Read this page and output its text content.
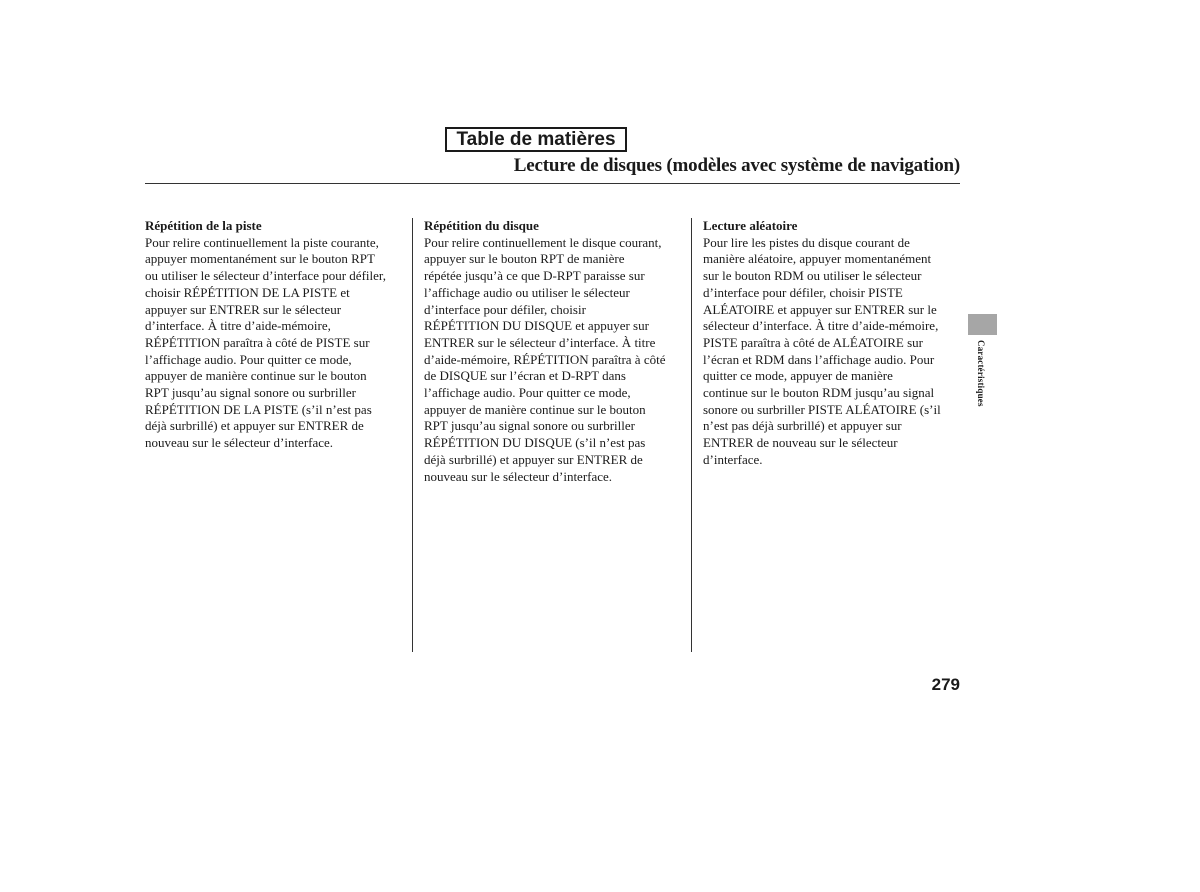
Table de matières
Lecture de disques (modèles avec système de navigation)
Répétition de la piste

Pour relire continuellement la piste courante,
appuyer momentanément sur le bouton RPT
ou utiliser le sélecteur d’interface pour défiler,
choisir RÉPÉTITION DE LA PISTE et
appuyer sur ENTRER sur le sélecteur
d’interface. À titre d’aide-mémoire,
RÉPÉTITION paraîtra à côté de PISTE sur
l’affichage audio. Pour quitter ce mode,
appuyer de manière continue sur le bouton
RPT jusqu’au signal sonore ou surbriller
RÉPÉTITION DE LA PISTE (s’il n’est pas
déjà surbrillé) et appuyer sur ENTRER de
nouveau sur le sélecteur d’interface.

Répétition du disque

Pour relire continuellement le disque courant,
appuyer sur le bouton RPT de manière
répétée jusqu’à ce que D-RPT paraisse sur
l’affichage audio ou utiliser le sélecteur
d’interface pour défiler, choisir
RÉPÉTITION DU DISQUE et appuyer sur
ENTRER sur le sélecteur d’interface. À titre
d’aide-mémoire, RÉPÉTITION paraîtra à côté
de DISQUE sur l’écran et D-RPT dans
l’affichage audio. Pour quitter ce mode,
appuyer de manière continue sur le bouton
RPT jusqu’au signal sonore ou surbriller
RÉPÉTITION DU DISQUE (s’il n’est pas
déjà surbrillé) et appuyer sur ENTRER de
nouveau sur le sélecteur d’interface.

Lecture aléatoire

Pour lire les pistes du disque courant de
manière aléatoire, appuyer momentanément
sur le bouton RDM ou utiliser le sélecteur
d’interface pour défiler, choisir PISTE
ALÉATOIRE et appuyer sur ENTRER sur le
sélecteur d’interface. À titre d’aide-mémoire,
PISTE paraîtra à côté de ALÉATOIRE sur
l’écran et RDM dans l’affichage audio. Pour
quitter ce mode, appuyer de manière
continue sur le bouton RDM jusqu’au signal
sonore ou surbriller PISTE ALÉATOIRE (s’il
n’est pas déjà surbrillé) et appuyer sur
ENTRER de nouveau sur le sélecteur
d’interface.

Caractéristiques
279
